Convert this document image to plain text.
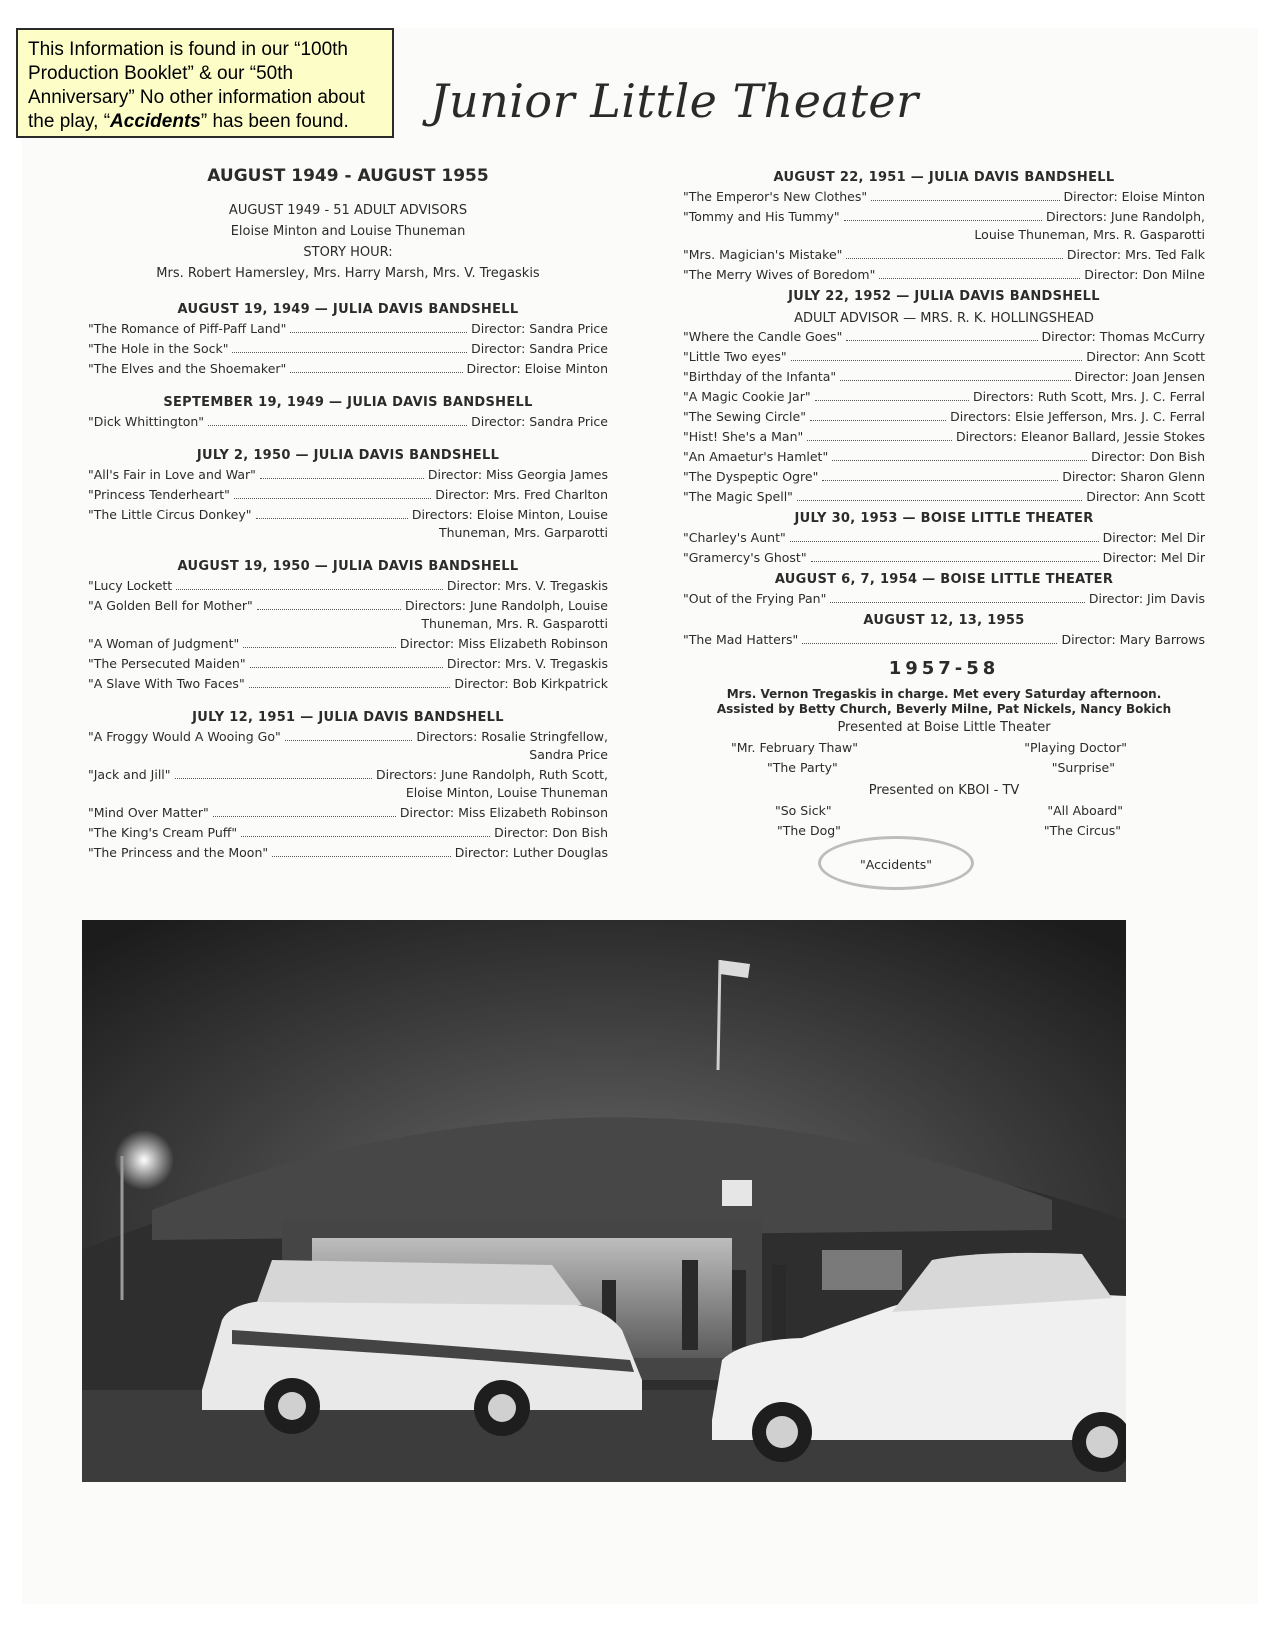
This Information is found in our “100th Production Booklet” & our “50th Anniversary” No other information about the play, “Accidents” has been found.	Junior Little Theater
AUGUST 1949 - AUGUST 1955
AUGUST 1949 - 51 ADULT ADVISORS
Eloise Minton and Louise Thuneman
STORY HOUR:
Mrs. Robert Hamersley, Mrs. Harry Marsh, Mrs. V. Tregaskis
AUGUST 19, 1949 — JULIA DAVIS BANDSHELL
"The Romance of Piff-Paff Land"	Director: Sandra Price
"The Hole in the Sock"	Director: Sandra Price
"The Elves and the Shoemaker"	Director: Eloise Minton
SEPTEMBER 19, 1949 — JULIA DAVIS BANDSHELL
"Dick Whittington"	Director: Sandra Price
JULY 2, 1950 — JULIA DAVIS BANDSHELL
"All's Fair in Love and War"	Director: Miss Georgia James
"Princess Tenderheart"	Director: Mrs. Fred Charlton
"The Little Circus Donkey"	Directors: Eloise Minton, Louise
Thuneman, Mrs. Garparotti
AUGUST 19, 1950 — JULIA DAVIS BANDSHELL
"Lucy Lockett	Director: Mrs. V. Tregaskis
"A Golden Bell for Mother"	Directors: June Randolph, Louise
Thuneman, Mrs. R. Gasparotti
"A Woman of Judgment"	Director: Miss Elizabeth Robinson
"The Persecuted Maiden"	Director: Mrs. V. Tregaskis
"A Slave With Two Faces"	Director: Bob Kirkpatrick
JULY 12, 1951 — JULIA DAVIS BANDSHELL
"A Froggy Would A Wooing Go"	Directors: Rosalie Stringfellow,
Sandra Price
"Jack and Jill"	Directors: June Randolph, Ruth Scott,
Eloise Minton, Louise Thuneman
"Mind Over Matter"	Director: Miss Elizabeth Robinson
"The King's Cream Puff"	Director: Don Bish
"The Princess and the Moon"	Director: Luther Douglas
AUGUST 22, 1951 — JULIA DAVIS BANDSHELL
"The Emperor's New Clothes"	Director: Eloise Minton
"Tommy and His Tummy"	Directors: June Randolph,
Louise Thuneman, Mrs. R. Gasparotti
"Mrs. Magician's Mistake"	Director: Mrs. Ted Falk
"The Merry Wives of Boredom"	Director: Don Milne
JULY 22, 1952 — JULIA DAVIS BANDSHELL
ADULT ADVISOR — MRS. R. K. HOLLINGSHEAD
"Where the Candle Goes"	Director: Thomas McCurry
"Little Two eyes"	Director: Ann Scott
"Birthday of the Infanta"	Director: Joan Jensen
"A Magic Cookie Jar"	Directors: Ruth Scott, Mrs. J. C. Ferral
"The Sewing Circle"	Directors: Elsie Jefferson, Mrs. J. C. Ferral
"Hist! She's a Man"	Directors: Eleanor Ballard, Jessie Stokes
"An Amaetur's Hamlet"	Director: Don Bish
"The Dyspeptic Ogre"	Director: Sharon Glenn
"The Magic Spell"	Director: Ann Scott
JULY 30, 1953 — BOISE LITTLE THEATER
"Charley's Aunt"	Director: Mel Dir
"Gramercy's Ghost"	Director: Mel Dir
AUGUST 6, 7, 1954 — BOISE LITTLE THEATER
"Out of the Frying Pan"	Director: Jim Davis
AUGUST 12, 13, 1955
"The Mad Hatters"	Director: Mary Barrows
1957-58
Mrs. Vernon Tregaskis in charge. Met every Saturday afternoon.
Assisted by Betty Church, Beverly Milne, Pat Nickels, Nancy Bokich
Presented at Boise Little Theater
"Mr. February Thaw"	"Playing Doctor"
"The Party"	"Surprise"
Presented on KBOI - TV
"So Sick"	"All Aboard"
"The Dog"	"The Circus"
"Accidents"
